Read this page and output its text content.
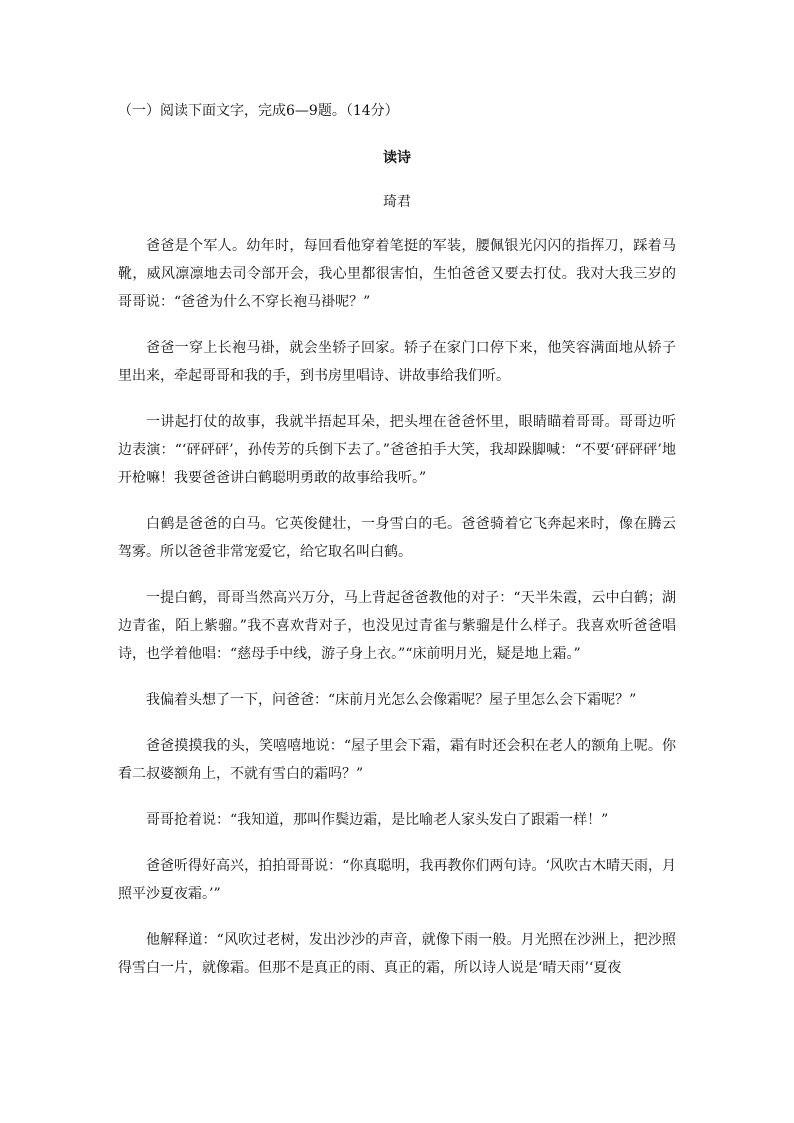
（一）阅读下面文字，完成6—9题。（14分）

读诗
琦君

爸爸是个军人。幼年时，每回看他穿着笔挺的军装，腰佩银光闪闪的指挥刀，踩着马靴，威风凛凛地去司令部开会，我心里都很害怕，生怕爸爸又要去打仗。我对大我三岁的哥哥说：“爸爸为什么不穿长袍马褂呢？”

爸爸一穿上长袍马褂，就会坐轿子回家。轿子在家门口停下来，他笑容满面地从轿子里出来，牵起哥哥和我的手，到书房里唱诗、讲故事给我们听。

一讲起打仗的故事，我就半捂起耳朵，把头埋在爸爸怀里，眼睛瞄着哥哥。哥哥边听边表演：“‘砰砰砰’，孙传芳的兵倒下去了。”爸爸拍手大笑，我却跺脚喊：“不要‘砰砰砰’地开枪嘛！我要爸爸讲白鹤聪明勇敢的故事给我听。”

白鹤是爸爸的白马。它英俊健壮，一身雪白的毛。爸爸骑着它飞奔起来时，像在腾云驾雾。所以爸爸非常宠爱它，给它取名叫白鹤。

一提白鹤，哥哥当然高兴万分，马上背起爸爸教他的对子：“天半朱霞，云中白鹤；湖边青雀，陌上紫骝。”我不喜欢背对子，也没见过青雀与紫骝是什么样子。我喜欢听爸爸唱诗，也学着他唱：“慈母手中线，游子身上衣。”“床前明月光，疑是地上霜。”

我偏着头想了一下，问爸爸：“床前月光怎么会像霜呢？屋子里怎么会下霜呢？”

爸爸摸摸我的头，笑嘻嘻地说：“屋子里会下霜，霜有时还会积在老人的额角上呢。你看二叔婆额角上，不就有雪白的霜吗？”

哥哥抢着说：“我知道，那叫作鬓边霜，是比喻老人家头发白了跟霜一样！”

爸爸听得好高兴，拍拍哥哥说：“你真聪明，我再教你们两句诗。‘风吹古木晴天雨，月照平沙夏夜霜。’”

他解释道：“风吹过老树，发出沙沙的声音，就像下雨一般。月光照在沙洲上，把沙照得雪白一片，就像霜。但那不是真正的雨、真正的霜，所以诗人说是‘晴天雨’‘夏夜
